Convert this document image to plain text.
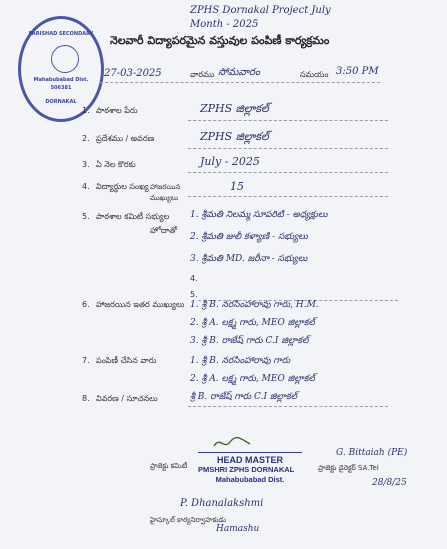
ZPHS Dornakal Project July Month - 2025
నెలవారీ విద్యాపరమైన వస్తువుల పంపిణీ కార్యక్రమం
PARISHAD SECONDARY
Mahabubabad Dist.
506381
DORNAKAL
27-03-2025	వారము సోమవారం	సమయం 3:50 PM
1. పాఠశాల పేరు	ZPHS జిల్లాకల్
2. ప్రదేశము / అవరణ	ZPHS జిల్లాకల్
3. ఏ నెల కొరకు	July - 2025
4. విద్యార్థుల సంఖ్య హాజరయిన ముఖ్యులు
15
5. పాఠశాల కమిటీ సభ్యుల
హోదాతో
1. శ్రీమతి నిలమ్మ సూపరిటి - అధ్యక్షులు
2. శ్రీమతి జులీ కళ్యాణి - సభ్యులు
3. శ్రీమతి MD. జరీనా - సభ్యులు
4.
5.
6. హాజరయిన ఇతర ముఖ్యులు 1. శ్రీ B. నరసింహారావు గారు, H.M.
2. శ్రీ A. లక్ష్మ గారు, MEO జిల్లాకల్
3. శ్రీ B. రాజేష్ గారు C.I జిల్లాకల్
7. పంపిణీ చేసిన వారు	1. శ్రీ B. నరసింహారావు గారు
2. శ్రీ A. లక్ష్మ గారు, MEO జిల్లాకల్
8. వివరణ / సూచనలు	శ్రీ B. రాజేష్ గారు C.I జిల్లాకల్
ప్రాజెక్టు కమిటీ
HEAD MASTER
PMSHRI ZPHS DORNAKAL
Mahabubabad Dist.
G. Bittaiah (PE)
ప్రాజెక్టు డైరెక్టర్ SA.Tel
28/8/25
P. Dhanalakshmi
హైస్కూల్ కార్యనిర్వాహకుడు
Hamashu
